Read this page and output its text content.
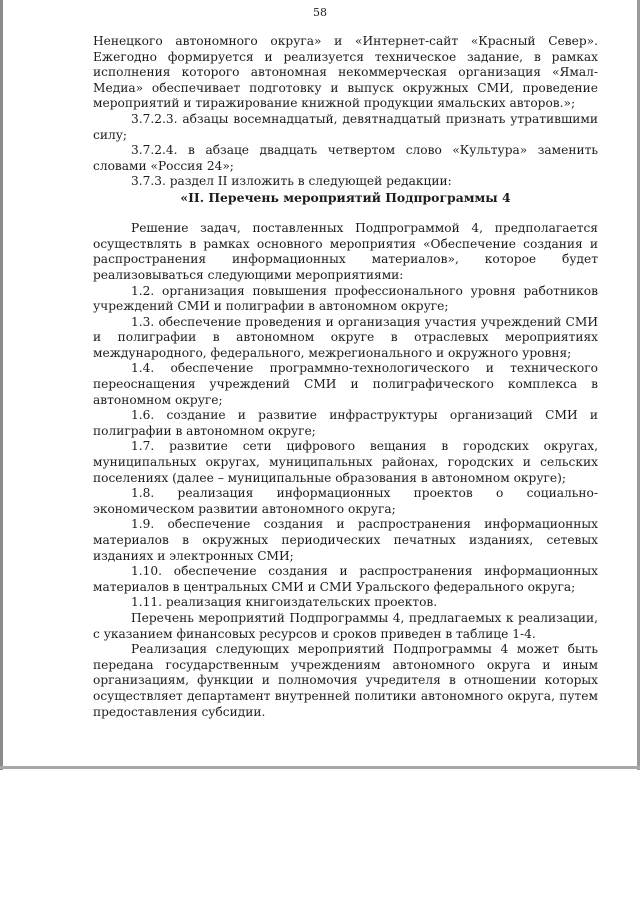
58

Ненецкого автономного округа» и «Интернет-сайт «Красный Север». Ежегодно формируется и реализуется техническое задание, в рамках исполнения которого автономная некоммерческая организация «Ямал-Медиа» обеспечивает подготовку и выпуск окружных СМИ, проведение мероприятий и тиражирование книжной продукции ямальских авторов.»;

3.7.2.3. абзацы восемнадцатый, девятнадцатый признать утратившими силу;

3.7.2.4. в абзаце двадцать четвертом слово «Культура» заменить словами «Россия 24»;

3.7.3. раздел II изложить в следующей редакции:

«II. Перечень мероприятий Подпрограммы 4

Решение задач, поставленных Подпрограммой 4, предполагается осуществлять в рамках основного мероприятия «Обеспечение создания и распространения информационных материалов», которое будет реализовываться следующими мероприятиями:

1.2. организация повышения профессионального уровня работников учреждений СМИ и полиграфии в автономном округе;

1.3. обеспечение проведения и организация участия учреждений СМИ и полиграфии в автономном округе в отраслевых мероприятиях международного, федерального, межрегионального и окружного уровня;

1.4. обеспечение программно-технологического и технического переоснащения учреждений СМИ и полиграфического комплекса в автономном округе;

1.6. создание и развитие инфраструктуры организаций СМИ и полиграфии в автономном округе;

1.7. развитие сети цифрового вещания в городских округах, муниципальных округах, муниципальных районах, городских и сельских поселениях (далее – муниципальные образования в автономном округе);

1.8. реализация информационных проектов о социально-экономическом развитии автономного округа;

1.9. обеспечение создания и распространения информационных материалов в окружных периодических печатных изданиях, сетевых изданиях и электронных СМИ;

1.10. обеспечение создания и распространения информационных материалов в центральных СМИ и СМИ Уральского федерального округа;

1.11. реализация книгоиздательских проектов.

Перечень мероприятий Подпрограммы 4, предлагаемых к реализации, с указанием финансовых ресурсов и сроков приведен в таблице 1-4.

Реализация следующих мероприятий Подпрограммы 4 может быть передана государственным учреждениям автономного округа и иным организациям, функции и полномочия учредителя в отношении которых осуществляет департамент внутренней политики автономного округа, путем предоставления субсидии.
